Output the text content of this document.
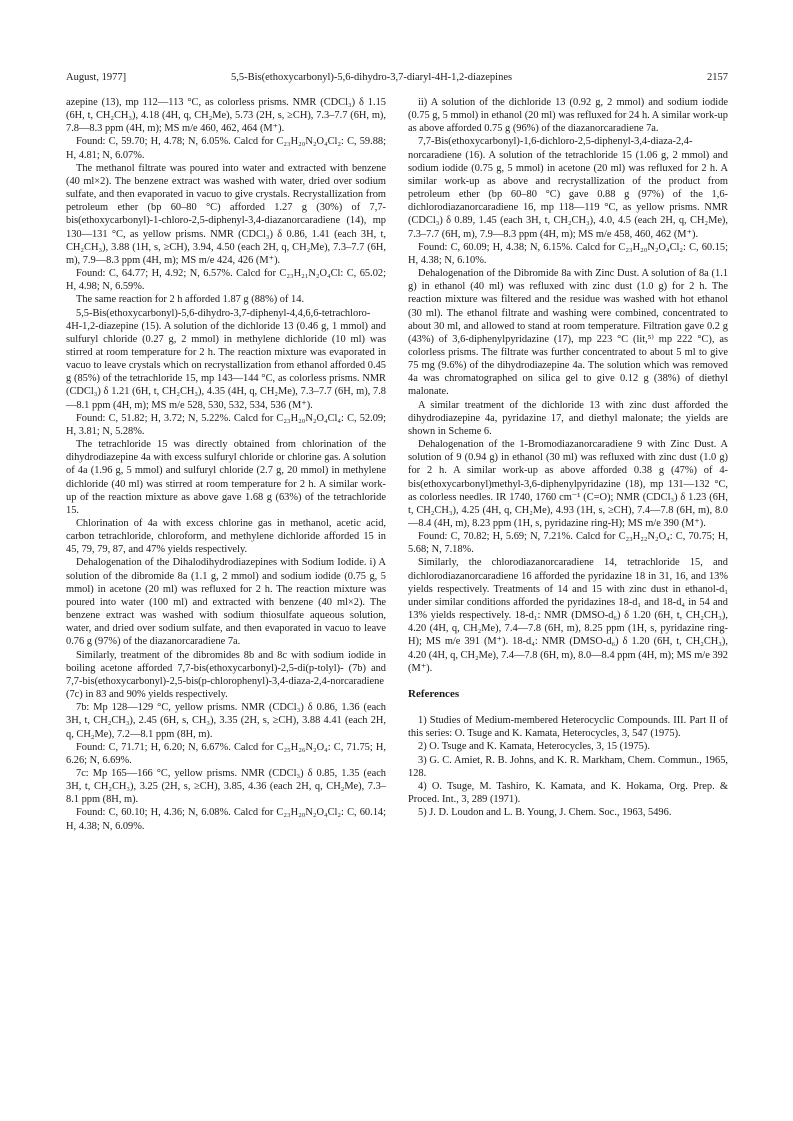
August, 1977]	5,5-Bis(ethoxycarbonyl)-5,6-dihydro-3,7-diaryl-4H-1,2-diazepines	2157

azepine (13), mp 112—113 °C, as colorless prisms. NMR (CDCl₃) δ 1.15 (6H, t, CH₂CH₃), 4.18 (4H, q, CH₂Me), 5.73 (2H, s, ≥CH), 7.3–7.7 (6H, m), 7.8—8.3 ppm (4H, m); MS m/e 460, 462, 464 (M⁺).

Found: C, 59.70; H, 4.78; N, 6.05%. Calcd for C₂₃H₂₀N₂O₄Cl₂: C, 59.88; H, 4.81; N, 6.07%.

The methanol filtrate was poured into water and extracted with benzene (40 ml×2). The benzene extract was washed with water, dried over sodium sulfate, and then evaporated in vacuo to give crystals. Recrystallization from petroleum ether (bp 60–80 °C) afforded 1.27 g (30%) of 7,7-bis(ethoxycarbonyl)-1-chloro-2,5-diphenyl-3,4-diazanorcaradiene (14), mp 130—131 °C, as yellow prisms. NMR (CDCl₃) δ 0.86, 1.41 (each 3H, t, CH₂CH₃), 3.88 (1H, s, ≥CH), 3.94, 4.50 (each 2H, q, CH₂Me), 7.3–7.7 (6H, m), 7.9—8.3 ppm (4H, m); MS m/e 424, 426 (M⁺).

Found: C, 64.77; H, 4.92; N, 6.57%. Calcd for C₂₃H₂₁N₂O₄Cl: C, 65.02; H, 4.98; N, 6.59%.

The same reaction for 2 h afforded 1.87 g (88%) of 14.

5,5-Bis(ethoxycarbonyl)-5,6-dihydro-3,7-diphenyl-4,4,6,6-tetrachloro-4H-1,2-diazepine (15). A solution of the dichloride 13 (0.46 g, 1 mmol) and sulfuryl chloride (0.27 g, 2 mmol) in methylene dichloride (10 ml) was stirred at room temperature for 2 h. The reaction mixture was evaporated in vacuo to leave crystals which on recrystallization from ethanol afforded 0.45 g (85%) of the tetrachloride 15, mp 143—144 °C, as colorless prisms. NMR (CDCl₃) δ 1.21 (6H, t, CH₂CH₃), 4.35 (4H, q, CH₂Me), 7.3–7.7 (6H, m), 7.8—8.1 ppm (4H, m); MS m/e 528, 530, 532, 534, 536 (M⁺).

Found: C, 51.82; H, 3.72; N, 5.22%. Calcd for C₂₃H₂₀N₂O₄Cl₄: C, 52.09; H, 3.81; N, 5.28%.

The tetrachloride 15 was directly obtained from chlorination of the dihydrodiazepine 4a with excess sulfuryl chloride or chlorine gas. A solution of 4a (1.96 g, 5 mmol) and sulfuryl chloride (2.7 g, 20 mmol) in methylene dichloride (40 ml) was stirred at room temperature for 2 h. A similar work-up of the reaction mixture as above gave 1.68 g (63%) of the tetrachloride 15.

Chlorination of 4a with excess chlorine gas in methanol, acetic acid, carbon tetrachloride, chloroform, and methylene dichloride afforded 15 in 45, 79, 79, 87, and 47% yields respectively.

Dehalogenation of the Dihalodihydrodiazepines with Sodium Iodide. i) A solution of the dibromide 8a (1.1 g, 2 mmol) and sodium iodide (0.75 g, 5 mmol) in acetone (20 ml) was refluxed for 2 h. The reaction mixture was poured into water (100 ml) and extracted with benzene (40 ml×2). The benzene extract was washed with sodium thiosulfate aqueous solution, water, and dried over sodium sulfate, and then evaporated in vacuo to leave 0.76 g (97%) of the diazanorcaradiene 7a.

Similarly, treatment of the dibromides 8b and 8c with sodium iodide in boiling acetone afforded 7,7-bis(ethoxycarbonyl)-2,5-di(p-tolyl)- (7b) and 7,7-bis(ethoxycarbonyl)-2,5-bis(p-chlorophenyl)-3,4-diaza-2,4-norcaradiene (7c) in 83 and 90% yields respectively.

7b: Mp 128—129 °C, yellow prisms. NMR (CDCl₃) δ 0.86, 1.36 (each 3H, t, CH₂CH₃), 2.45 (6H, s, CH₃), 3.35 (2H, s, ≥CH), 3.88 4.41 (each 2H, q, CH₂Me), 7.2—8.1 ppm (8H, m).

Found: C, 71.71; H, 6.20; N, 6.67%. Calcd for C₂₅H₂₆N₂O₄: C, 71.75; H, 6.26; N, 6.69%.

7c: Mp 165—166 °C, yellow prisms. NMR (CDCl₃) δ 0.85, 1.35 (each 3H, t, CH₂CH₃), 3.25 (2H, s, ≥CH), 3.85, 4.36 (each 2H, q, CH₂Me), 7.3–8.1 ppm (8H, m).

Found: C, 60.10; H, 4.36; N, 6.08%. Calcd for C₂₃H₂₀N₂O₄Cl₂: C, 60.14; H, 4.38; N, 6.09%.

ii) A solution of the dichloride 13 (0.92 g, 2 mmol) and sodium iodide (0.75 g, 5 mmol) in ethanol (20 ml) was refluxed for 24 h. A similar work-up as above afforded 0.75 g (96%) of the diazanorcaradiene 7a.

7,7-Bis(ethoxycarbonyl)-1,6-dichloro-2,5-diphenyl-3,4-diaza-2,4-norcaradiene (16). A solution of the tetrachloride 15 (1.06 g, 2 mmol) and sodium iodide (0.75 g, 5 mmol) in acetone (20 ml) was refluxed for 2 h. A similar work-up as above and recrystallization of the product from petroleum ether (bp 60–80 °C) gave 0.88 g (97%) of the 1,6-dichlorodiazanorcaradiene 16, mp 118—119 °C, as yellow prisms. NMR (CDCl₃) δ 0.89, 1.45 (each 3H, t, CH₂CH₃), 4.0, 4.5 (each 2H, q, CH₂Me), 7.3–7.7 (6H, m), 7.9—8.3 ppm (4H, m); MS m/e 458, 460, 462 (M⁺).

Found: C, 60.09; H, 4.38; N, 6.15%. Calcd for C₂₃H₂₀N₂O₄Cl₂: C, 60.15; H, 4.38; N, 6.10%.

Dehalogenation of the Dibromide 8a with Zinc Dust. A solution of 8a (1.1 g) in ethanol (40 ml) was refluxed with zinc dust (1.0 g) for 2 h. The reaction mixture was filtered and the residue was washed with hot ethanol (30 ml). The ethanol filtrate and washing were combined, concentrated to about 30 ml, and allowed to stand at room temperature. Filtration gave 0.2 g (43%) of 3,6-diphenylpyridazine (17), mp 223 °C (lit,⁵⁾ mp 222 °C), as colorless prisms. The filtrate was further concentrated to about 5 ml to give 75 mg (9.6%) of the dihydrodiazepine 4a. The solution which was removed 4a was chromatographed on silica gel to give 0.12 g (38%) of diethyl malonate.

A similar treatment of the dichloride 13 with zinc dust afforded the dihydrodiazepine 4a, pyridazine 17, and diethyl malonate; the yields are shown in Scheme 6.

Dehalogenation of the 1-Bromodiazanorcaradiene 9 with Zinc Dust. A solution of 9 (0.94 g) in ethanol (30 ml) was refluxed with zinc dust (1.0 g) for 2 h. A similar work-up as above afforded 0.38 g (47%) of 4-bis(ethoxycarbonyl)methyl-3,6-diphenylpyridazine (18), mp 131—132 °C, as colorless needles. IR 1740, 1760 cm⁻¹ (C=O); NMR (CDCl₃) δ 1.23 (6H, t, CH₂CH₃), 4.25 (4H, q, CH₂Me), 4.93 (1H, s, ≥CH), 7.4—7.8 (6H, m), 8.0—8.4 (4H, m), 8.23 ppm (1H, s, pyridazine ring-H); MS m/e 390 (M⁺).

Found: C, 70.82; H, 5.69; N, 7.21%. Calcd for C₂₃H₂₂N₂O₄: C, 70.75; H, 5.68; N, 7.18%.

Similarly, the chlorodiazanorcaradiene 14, tetrachloride 15, and dichlorodiazanorcaradiene 16 afforded the pyridazine 18 in 31, 16, and 13% yields respectively. Treatments of 14 and 15 with zinc dust in ethanol-d₁ under similar conditions afforded the pyridazines 18-d₁ and 18-d₄ in 54 and 13% yields respectively. 18-d₁: NMR (DMSO-d₆) δ 1.20 (6H, t, CH₂CH₃), 4.20 (4H, q, CH₂Me), 7.4—7.8 (6H, m), 8.25 ppm (1H, s, pyridazine ring-H); MS m/e 391 (M⁺). 18-d₄: NMR (DMSO-d₆) δ 1.20 (6H, t, CH₂CH₃), 4.20 (4H, q, CH₂Me), 7.4—7.8 (6H, m), 8.0—8.4 ppm (4H, m); MS m/e 392 (M⁺).

References

1) Studies of Medium-membered Heterocyclic Compounds. III. Part II of this series: O. Tsuge and K. Kamata, Heterocycles, 3, 547 (1975).

2) O. Tsuge and K. Kamata, Heterocycles, 3, 15 (1975).

3) G. C. Amiet, R. B. Johns, and K. R. Markham, Chem. Commun., 1965, 128.

4) O. Tsuge, M. Tashiro, K. Kamata, and K. Hokama, Org. Prep. & Proced. Int., 3, 289 (1971).

5) J. D. Loudon and L. B. Young, J. Chem. Soc., 1963, 5496.
